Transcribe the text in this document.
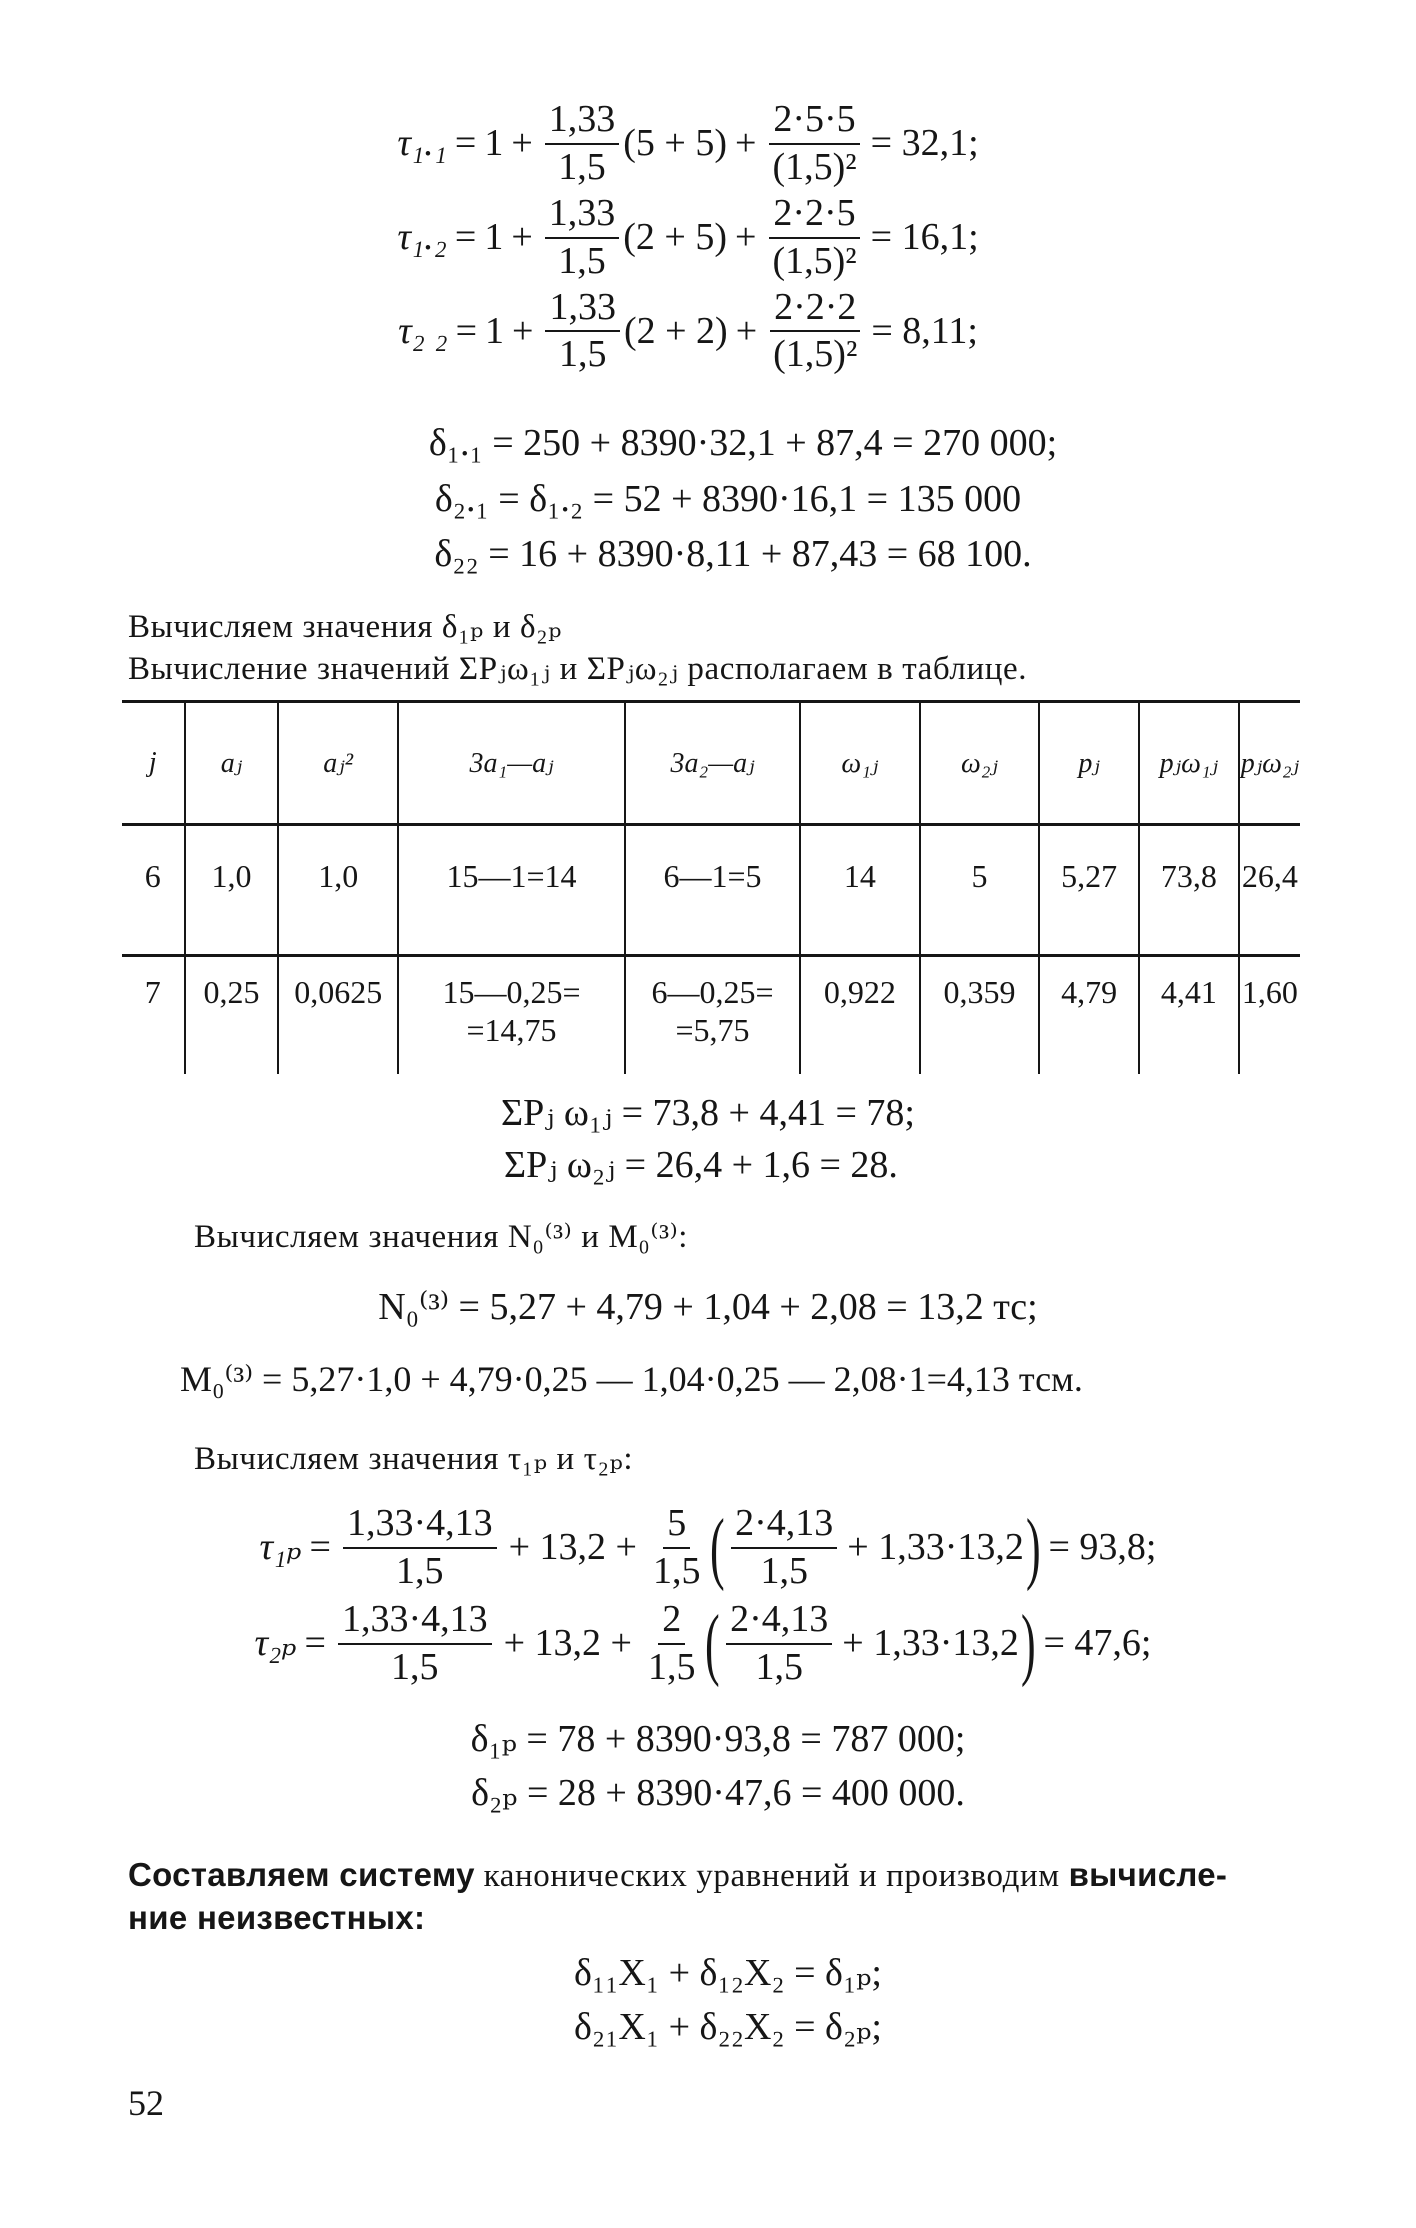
$\tau_1._1 = 1 + \frac{1,33}{1,5} (5 + 5) + \frac{2\cdot 5\cdot 5}{\text{(1,5)²}} = 32,1$;
$\tau_1._2 = 1 + \frac{1,33}{1,5} (2 + 5) + \frac{2\cdot 2\cdot 5}{\text{(1,5)²}} = 16,1$;
τ₂ $_2 = 1 + \frac{1,33}{1,5} (2 + 2) + \frac{2\cdot 2\cdot 2}{\text{(1,5)²}} = 8,11$;
δ₁.₁ = 250 + 8390·32,1 + 87,4 = 270 000;
δ₂.₁ = δ₁.₂ = 52 + 8390·16,1 = 135 000
δ₂₂ = 16 + 8390·8,11 + 87,43 = 68 100.
Вычисляем значения δ₁ₚ и δ₂ₚ
Вычисление значений ΣPⱼω₁ⱼ и ΣPⱼω₂ⱼ располагаем в таблице.
j	aⱼ	aⱼ²	3a₁—aⱼ	3a₂—aⱼ	ω₁ⱼ	ω₂ⱼ	pⱼ	pⱼω₁ⱼ	pⱼω₂ⱼ
6	1,0	1,0	15—1=14	6—1=5	14	5	5,27	73,8	26,4
7	0,25	0,0625	15—0,25= =14,75	6—0,25= =5,75	0,922	0,359	4,79	4,41	1,60
ΣPⱼ ω₁ⱼ = 73,8 + 4,41 = 78;
ΣPⱼ ω₂ⱼ = 26,4 + 1,6 = 28.
Вычисляем значения N₀⁽³⁾ и M₀⁽³⁾:
N₀⁽³⁾ = 5,27 + 4,79 + 1,04 + 2,08 = 13,2 тс;
M₀⁽³⁾ = 5,27·1,0 + 4,79·0,25 — 1,04·0,25 — 2,08·1=4,13 тсм.
Вычисляем значения τ₁ₚ и τ₂ₚ:
$\tau_{1p} = \frac{1,33\cdot 4,13}{1,5} + 13,2 + \frac{5}{1,5}$ ( $\frac{2\cdot 4,13}{1,5} + 1,33\cdot 13,2$ ) = 93,8;
$\tau_{2p} = \frac{1,33\cdot 4,13}{1,5} + 13,2 + \frac{2}{1,5}$ ( $\frac{2\cdot 4,13}{1,5} + 1,33\cdot 13,2$ ) = 47,6;
δ₁ₚ = 78 + 8390·93,8 = 787 000;
δ₂ₚ = 28 + 8390·47,6 = 400 000.
Составляем систему канонических уравнений и производим вычисле-
ние неизвестных:
δ₁₁X₁ + δ₁₂X₂ = δ₁ₚ;
δ₂₁X₁ + δ₂₂X₂ = δ₂ₚ;
52
